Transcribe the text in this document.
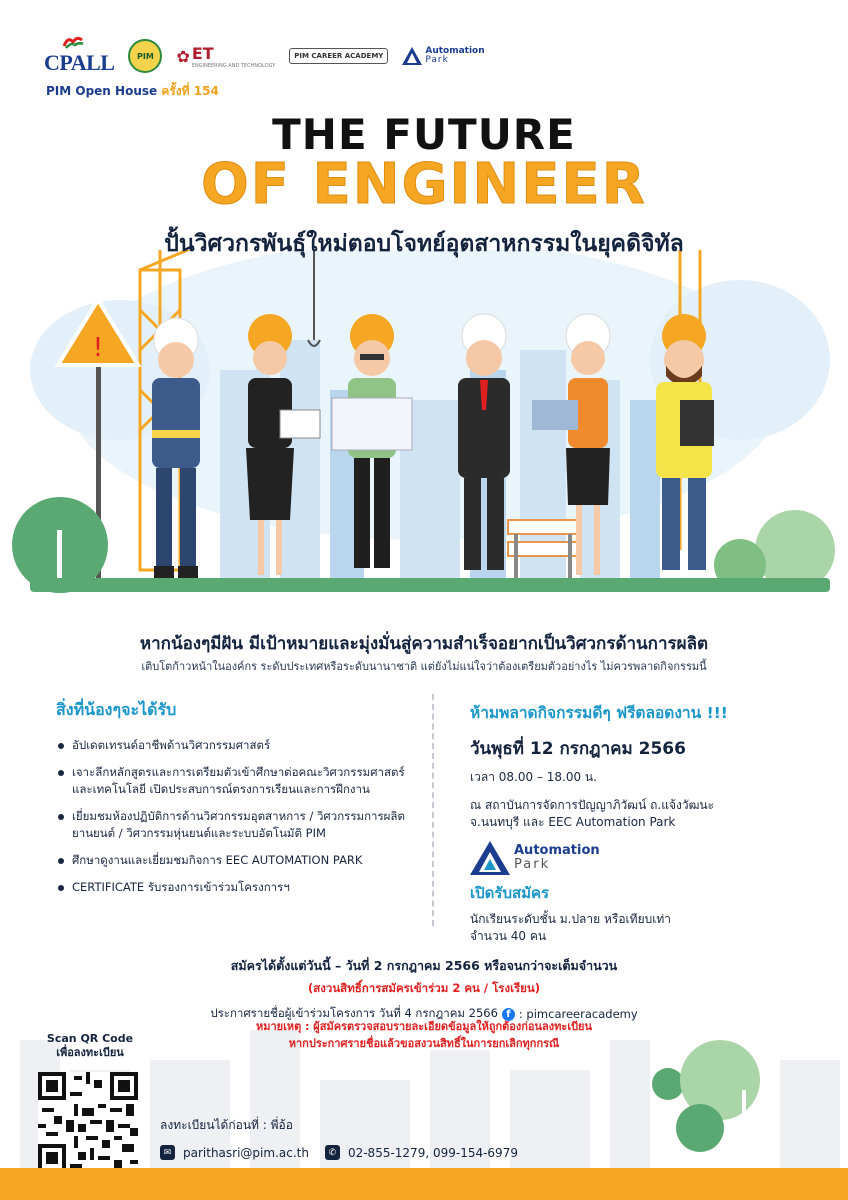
CPALL	PIM ✿ ET
ENGINEERING AND TECHNOLOGY
PIM CAREER ACADEMY	Automation
Park
PIM Open House ครั้งที่ 154
THE FUTURE
OF ENGINEER
!
ปั้นวิศวกรพันธุ์ใหม่ตอบโจทย์อุตสาหกรรมในยุคดิจิทัล
หากน้องๆมีฝัน มีเป้าหมายและมุ่งมั่นสู่ความสำเร็จอยากเป็นวิศวกรด้านการผลิต
เติบโตก้าวหน้าในองค์กร ระดับประเทศหรือระดับนานาชาติ แต่ยังไม่แน่ใจว่าต้องเตรียมตัวอย่างไร ไม่ควรพลาดกิจกรรมนี้
สิ่งที่น้องๆจะได้รับ
อัปเดตเทรนด์อาชีพด้านวิศวกรรมศาสตร์
เจาะลึกหลักสูตรและการเตรียมตัวเข้าศึกษาต่อคณะวิศวกรรมศาสตร์และเทคโนโลยี เปิดประสบการณ์ตรงการเรียนและการฝึกงาน
เยี่ยมชมห้องปฏิบัติการด้านวิศวกรรมอุตสาหการ / วิศวกรรมการผลิตยานยนต์ / วิศวกรรมหุ่นยนต์และระบบอัตโนมัติ PIM
ศึกษาดูงานและเยี่ยมชมกิจการ EEC AUTOMATION PARK
CERTIFICATE รับรองการเข้าร่วมโครงการฯ
ห้ามพลาดกิจกรรมดีๆ ฟรีตลอดงาน !!!
วันพุธที่ 12 กรกฎาคม 2566
เวลา 08.00 – 18.00 น.
ณ สถาบันการจัดการปัญญาภิวัฒน์ ถ.แจ้งวัฒนะ
จ.นนทบุรี และ EEC Automation Park
Automation
Park
เปิดรับสมัคร
นักเรียนระดับชั้น ม.ปลาย หรือเทียบเท่า
จำนวน 40 คน
สมัครได้ตั้งแต่วันนี้ – วันที่ 2 กรกฎาคม 2566 หรือจนกว่าจะเต็มจำนวน
(สงวนสิทธิ์การสมัครเข้าร่วม 2 คน / โรงเรียน)
ประกาศรายชื่อผู้เข้าร่วมโครงการ วันที่ 4 กรกฎาคม 2566 f : pimcareeracademy
หมายเหตุ : ผู้สมัครตรวจสอบรายละเอียดข้อมูลให้ถูกต้องก่อนลงทะเบียน
หากประกาศรายชื่อแล้วขอสงวนสิทธิ์ในการยกเลิกทุกกรณี
Scan QR Code
เพื่อลงทะเบียน
ลงทะเบียนได้ก่อนที่ : พี่อ้อ
✉ parithasri@pim.ac.th	✆ 02-855-1279, 099-154-6979
